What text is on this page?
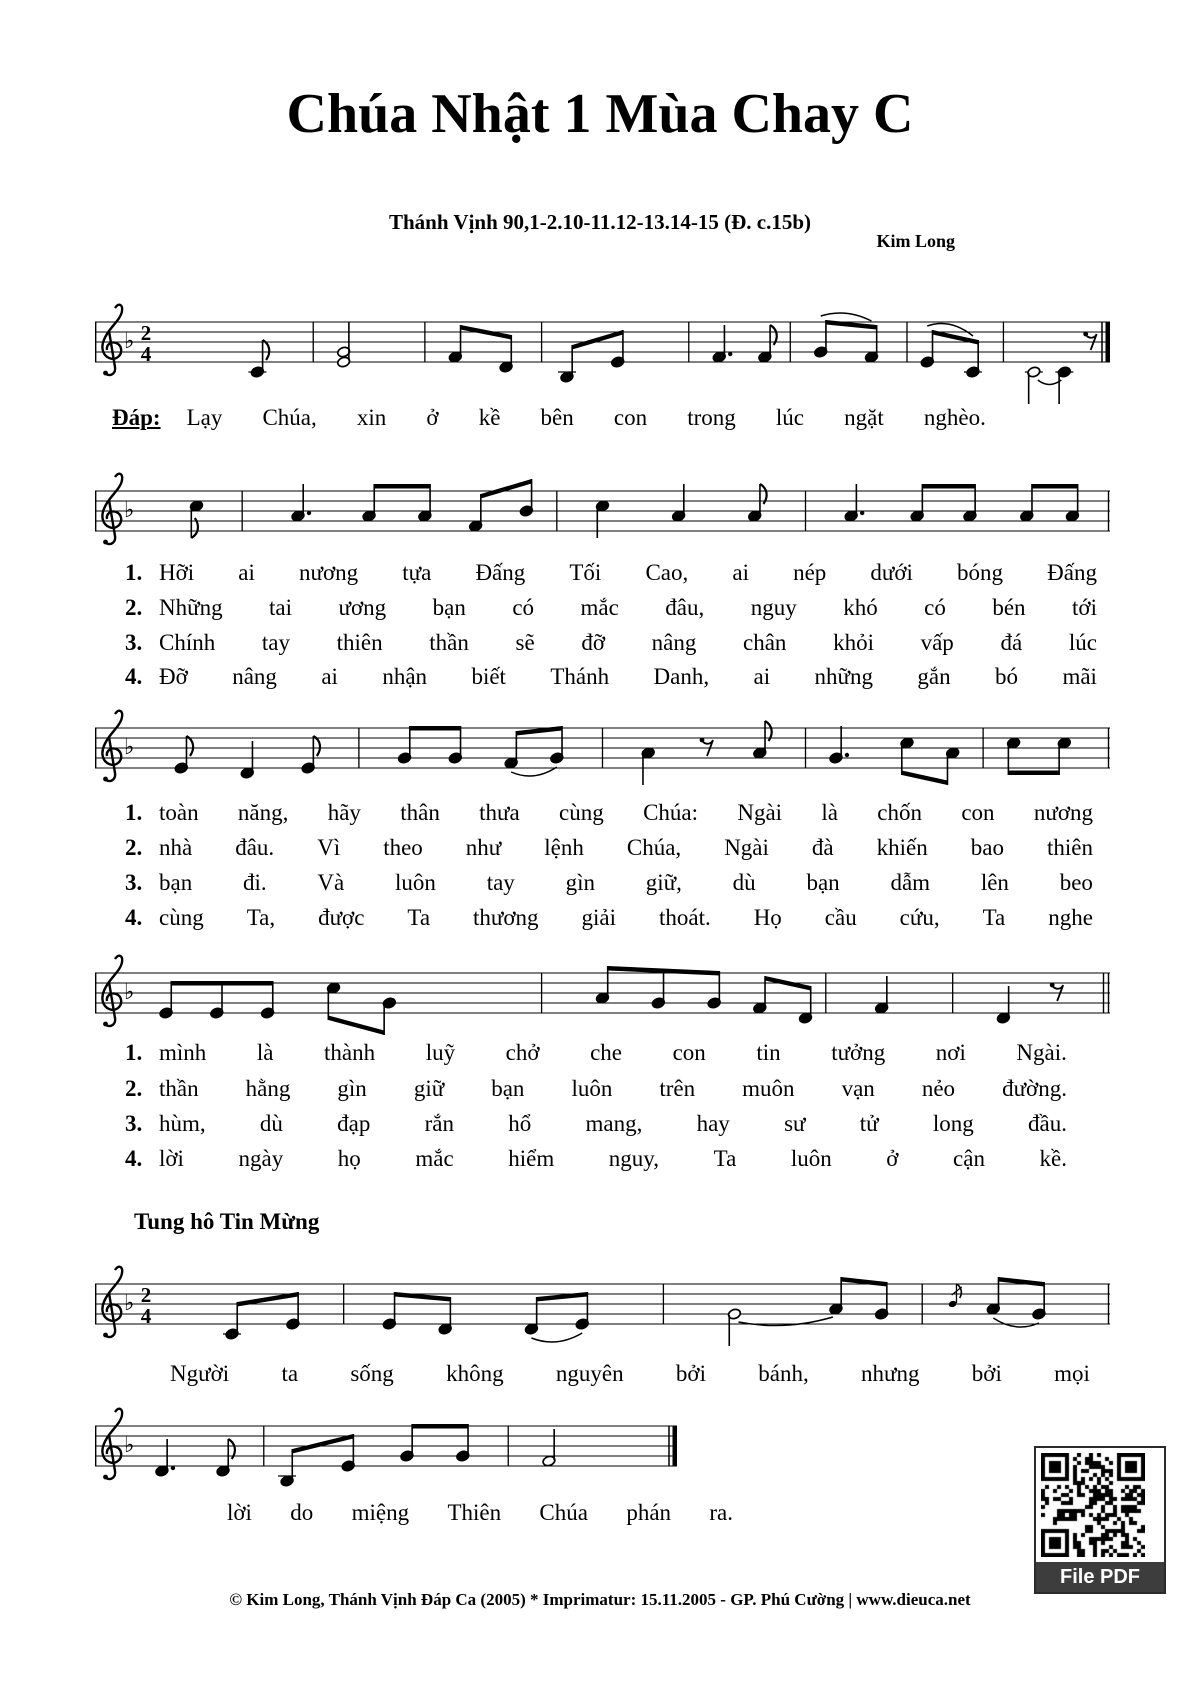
Chúa Nhật 1 Mùa Chay C
Thánh Vịnh 90,1-2.10-11.12-13.14-15 (Đ. c.15b)
Kim Long
♭ 2
4
♭
♭
♭
♭ 2
4
♭
Đáp: Lạy Chúa, xin ở kề bên con trong lúc ngặt nghèo.
1. Hỡi ai nương tựa Đấng Tối Cao, ai nép dưới bóng Đấng
2. Những tai ương bạn có mắc đâu, nguy khó có bén tới
3. Chính tay thiên thần sẽ đỡ nâng chân khỏi vấp đá lúc
4. Đỡ nâng ai nhận biết Thánh Danh, ai những gắn bó mãi
1. toàn năng, hãy thân thưa cùng Chúa: Ngài là chốn con nương
2. nhà đâu. Vì theo như lệnh Chúa, Ngài đà khiến bao thiên
3. bạn đi. Và luôn tay gìn giữ, dù bạn dẫm lên beo
4. cùng Ta, được Ta thương giải thoát. Họ cầu cứu, Ta nghe
1. mình là thành luỹ chở che con tin tưởng nơi Ngài.
2. thần hằng gìn giữ bạn luôn trên muôn vạn nẻo đường.
3. hùm, dù đạp rắn hổ mang, hay sư tử long đầu.
4. lời ngày họ mắc hiểm nguy, Ta luôn ở cận kề.
Tung hô Tin Mừng
Người ta sống không nguyên bởi bánh, nhưng bởi mọi
lời do miệng Thiên Chúa phán ra.
File PDF
© Kim Long, Thánh Vịnh Đáp Ca (2005) * Imprimatur: 15.11.2005 - GP. Phú Cường | www.dieuca.net
